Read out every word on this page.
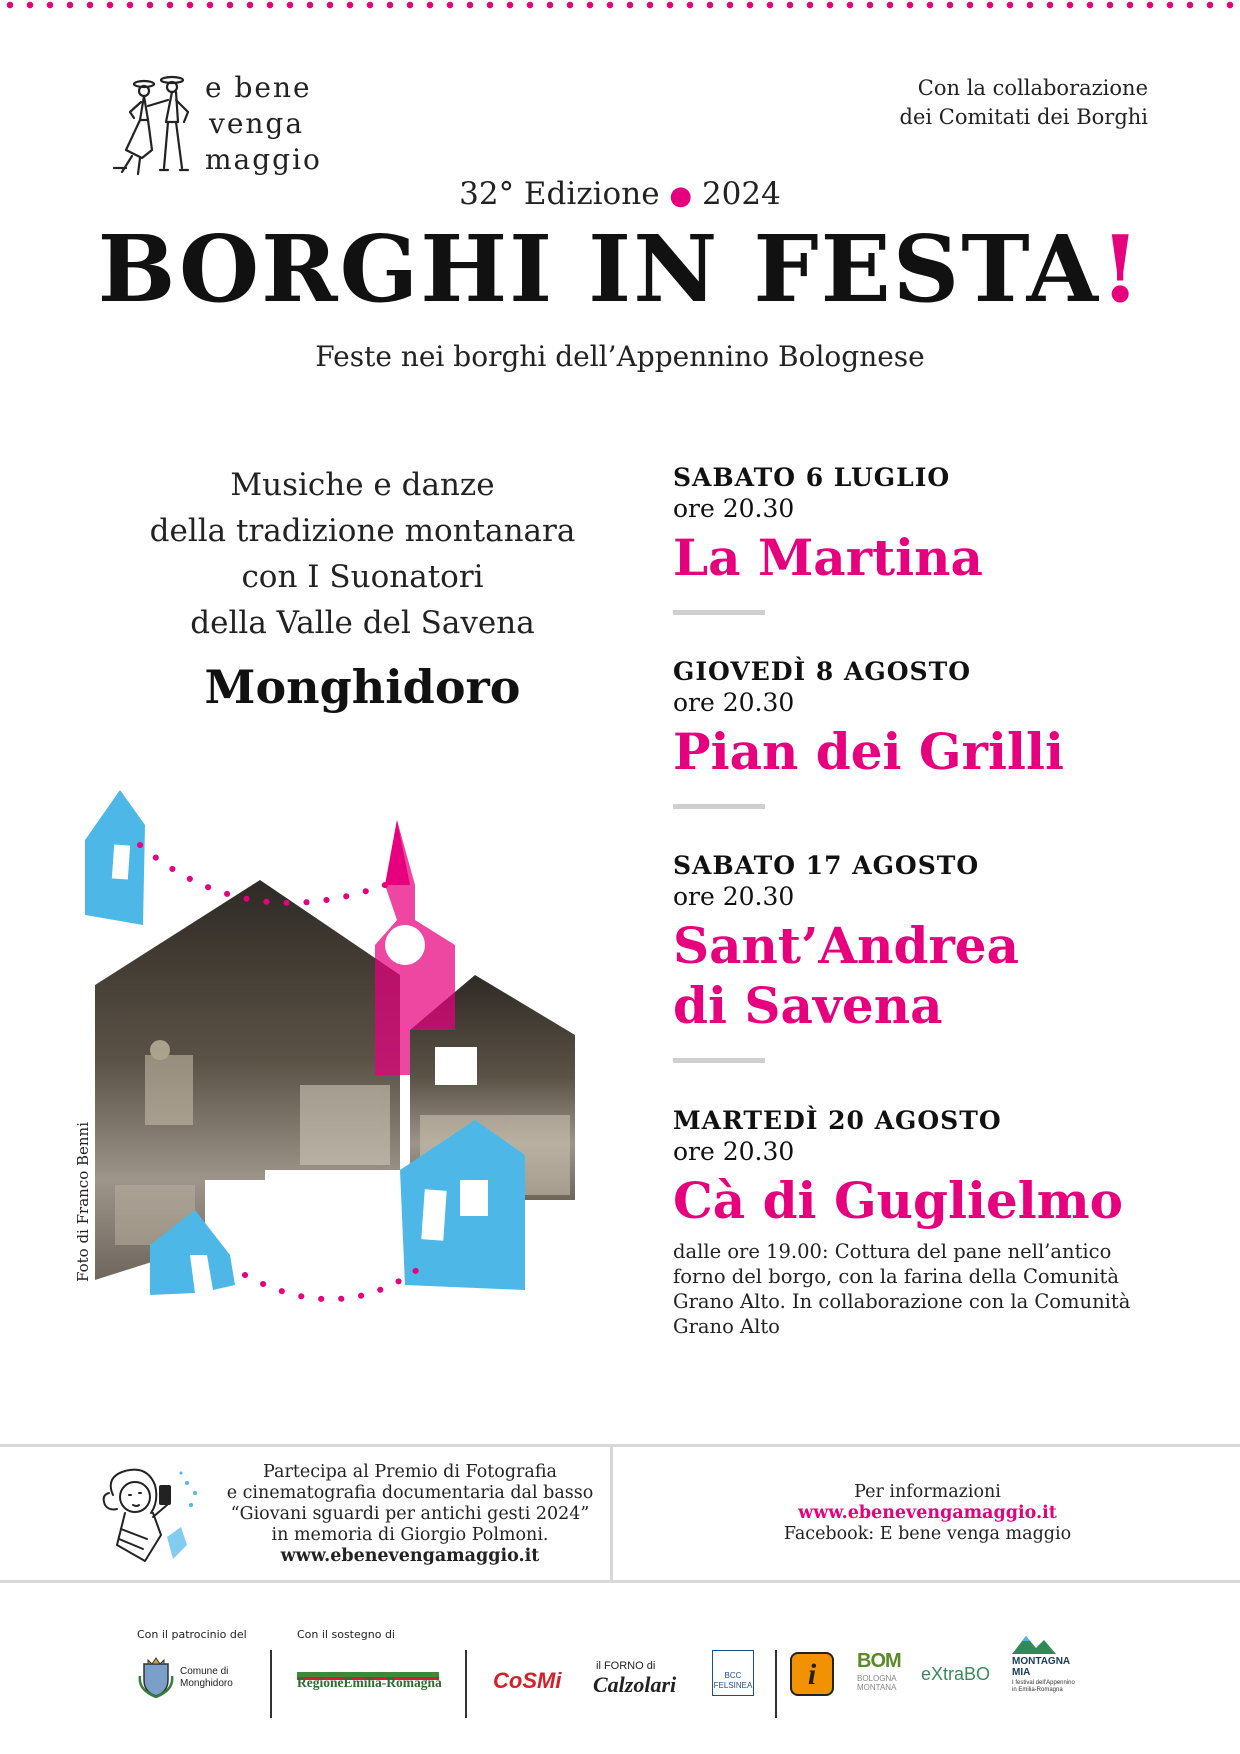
e bene
venga
maggio
Con la collaborazione
dei Comitati dei Borghi
32° Edizione ● 2024
BORGHI IN FESTA!
Feste nei borghi dell’Appennino Bolognese
Musiche e danze
della tradizione montanara
con I Suonatori
della Valle del Savena
Monghidoro
Foto di Franco Benni
SABATO 6 LUGLIO
ore 20.30
La Martina
GIOVEDÌ 8 AGOSTO
ore 20.30
Pian dei Grilli
SABATO 17 AGOSTO
ore 20.30
Sant’Andrea
di Savena
MARTEDÌ 20 AGOSTO
ore 20.30
Cà di Guglielmo
dalle ore 19.00: Cottura del pane nell’antico
forno del borgo, con la farina della Comunità
Grano Alto. In collaborazione con la Comunità
Grano Alto
Partecipa al Premio di Fotografia
e cinematografia documentaria dal basso
“Giovani sguardi per antichi gesti 2024”
in memoria di Giorgio Polmoni.
www.ebenevengamaggio.it
Per informazioni
www.ebenevengamaggio.it
Facebook: E bene venga maggio
Con il patrocinio del	Con il sostegno di
Comune di
Monghidoro	RegioneEmilia-Romagna CoSMi
il FORNO di
Calzolari	BCC
FELSINEA	i	BOM
BOLOGNA
MONTANA
eXtraBO
MONTAGNA
MIA
I festival dell'Appennino
in Emilia-Romagna
